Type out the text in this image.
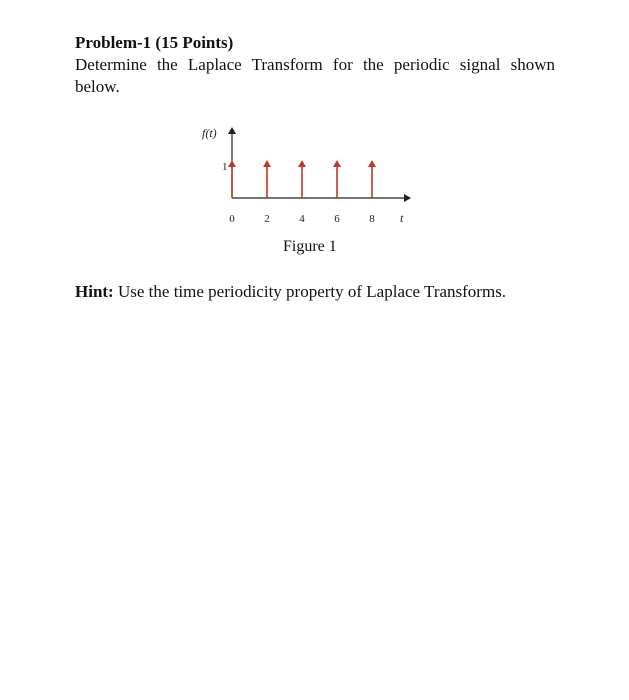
Problem-1 (15 Points)
Determine the Laplace Transform for the periodic signal shown below.
f(t)
1
t
0	2	4	6	8
Figure 1
Hint: Use the time periodicity property of Laplace Transforms.
